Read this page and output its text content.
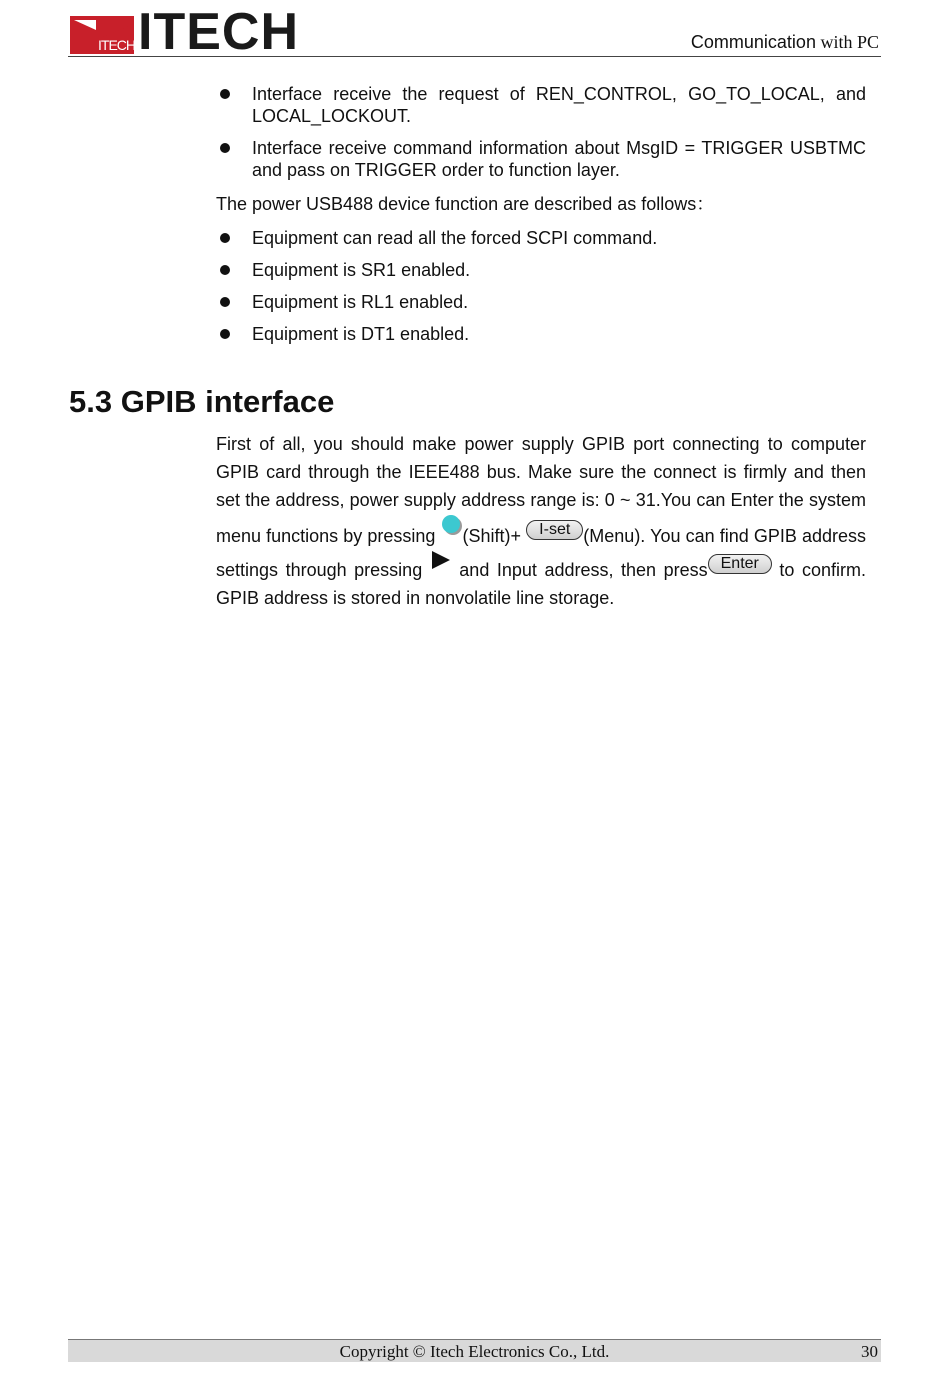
ITECH ITECH	Communication with PC
Interface receive the request of REN_CONTROL, GO_TO_LOCAL, and LOCAL_LOCKOUT.
Interface receive command information about MsgID = TRIGGER USBTMC and pass on TRIGGER order to function layer.
The power USB488 device function are described as follows：
Equipment can read all the forced SCPI command.
Equipment is SR1 enabled.
Equipment is RL1 enabled.
Equipment is DT1 enabled.
5.3 GPIB interface
First of all, you should make power supply GPIB port connecting to computer GPIB card through the IEEE488 bus. Make sure the connect is firmly and then set the address, power supply address range is: 0 ~ 31.You can Enter the system menu functions by pressing (Shift)+ I-set (Menu). You can find GPIB address settings through pressing  and Input address, then press Enter to confirm. GPIB address is stored in nonvolatile line storage.
Copyright © Itech Electronics Co., Ltd.	30
